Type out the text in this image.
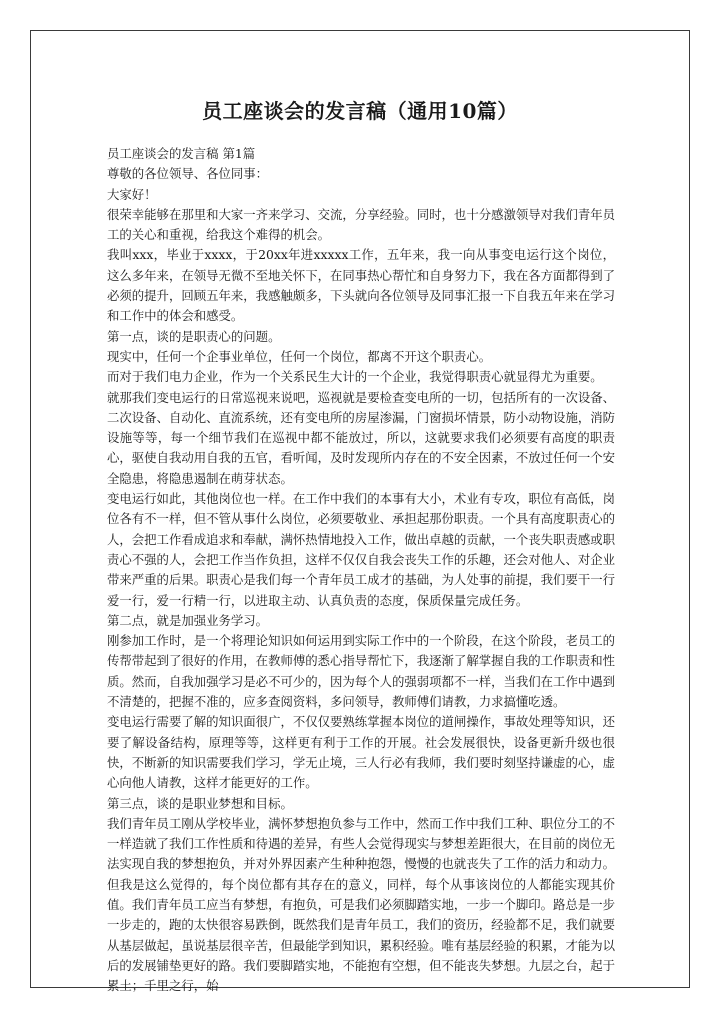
员工座谈会的发言稿（通用10篇）

员工座谈会的发言稿 第1篇

尊敬的各位领导、各位同事：

大家好！

很荣幸能够在那里和大家一齐来学习、交流，分享经验。同时，也十分感激领导对我们青年员工的关心和重视，给我这个难得的机会。

我叫xxx，毕业于xxxx，于20xx年进xxxxx工作，五年来，我一向从事变电运行这个岗位，这么多年来，在领导无微不至地关怀下，在同事热心帮忙和自身努力下，我在各方面都得到了必须的提升，回顾五年来，我感触颇多，下头就向各位领导及同事汇报一下自我五年来在学习和工作中的体会和感受。

第一点，谈的是职责心的问题。

现实中，任何一个企事业单位，任何一个岗位，都离不开这个职责心。

而对于我们电力企业，作为一个关系民生大计的一个企业，我觉得职责心就显得尤为重要。

就那我们变电运行的日常巡视来说吧，巡视就是要检查变电所的一切，包括所有的一次设备、二次设备、自动化、直流系统，还有变电所的房屋渗漏，门窗损坏情景，防小动物设施，消防设施等等，每一个细节我们在巡视中都不能放过，所以，这就要求我们必须要有高度的职责心，驱使自我动用自我的五官，看听闻，及时发现所内存在的不安全因素，不放过任何一个安全隐患，将隐患遏制在萌芽状态。

变电运行如此，其他岗位也一样。在工作中我们的本事有大小，术业有专攻，职位有高低，岗位各有不一样，但不管从事什么岗位，必须要敬业、承担起那份职责。一个具有高度职责心的人，会把工作看成追求和奉献，满怀热情地投入工作，做出卓越的贡献，一个丧失职责感或职责心不强的人，会把工作当作负担，这样不仅仅自我会丧失工作的乐趣，还会对他人、对企业带来严重的后果。职责心是我们每一个青年员工成才的基础，为人处事的前提，我们要干一行爱一行，爱一行精一行，以进取主动、认真负责的态度，保质保量完成任务。

第二点，就是加强业务学习。

刚参加工作时，是一个将理论知识如何运用到实际工作中的一个阶段，在这个阶段，老员工的传帮带起到了很好的作用，在教师傅的悉心指导帮忙下，我逐渐了解掌握自我的工作职责和性质。然而，自我加强学习是必不可少的，因为每个人的强弱项都不一样，当我们在工作中遇到不清楚的，把握不准的，应多查阅资料，多问领导，教师傅们请教，力求搞懂吃透。

变电运行需要了解的知识面很广，不仅仅要熟练掌握本岗位的道闸操作，事故处理等知识，还要了解设备结构，原理等等，这样更有利于工作的开展。社会发展很快，设备更新升级也很快，不断新的知识需要我们学习，学无止境，三人行必有我师，我们要时刻坚持谦虚的心，虚心向他人请教，这样才能更好的工作。

第三点，谈的是职业梦想和目标。

我们青年员工刚从学校毕业，满怀梦想抱负参与工作中，然而工作中我们工种、职位分工的不一样造就了我们工作性质和待遇的差异，有些人会觉得现实与梦想差距很大，在目前的岗位无法实现自我的梦想抱负，并对外界因素产生种种抱怨，慢慢的也就丧失了工作的活力和动力。但我是这么觉得的，每个岗位都有其存在的意义，同样，每个从事该岗位的人都能实现其价值。我们青年员工应当有梦想，有抱负，可是我们必须脚踏实地，一步一个脚印。路总是一步一步走的，跑的太快很容易跌倒，既然我们是青年员工，我们的资历，经验都不足，我们就要从基层做起，虽说基层很辛苦，但最能学到知识，累积经验。唯有基层经验的积累，才能为以后的发展铺垫更好的路。我们要脚踏实地，不能抱有空想，但不能丧失梦想。九层之台，起于累土；千里之行，始
